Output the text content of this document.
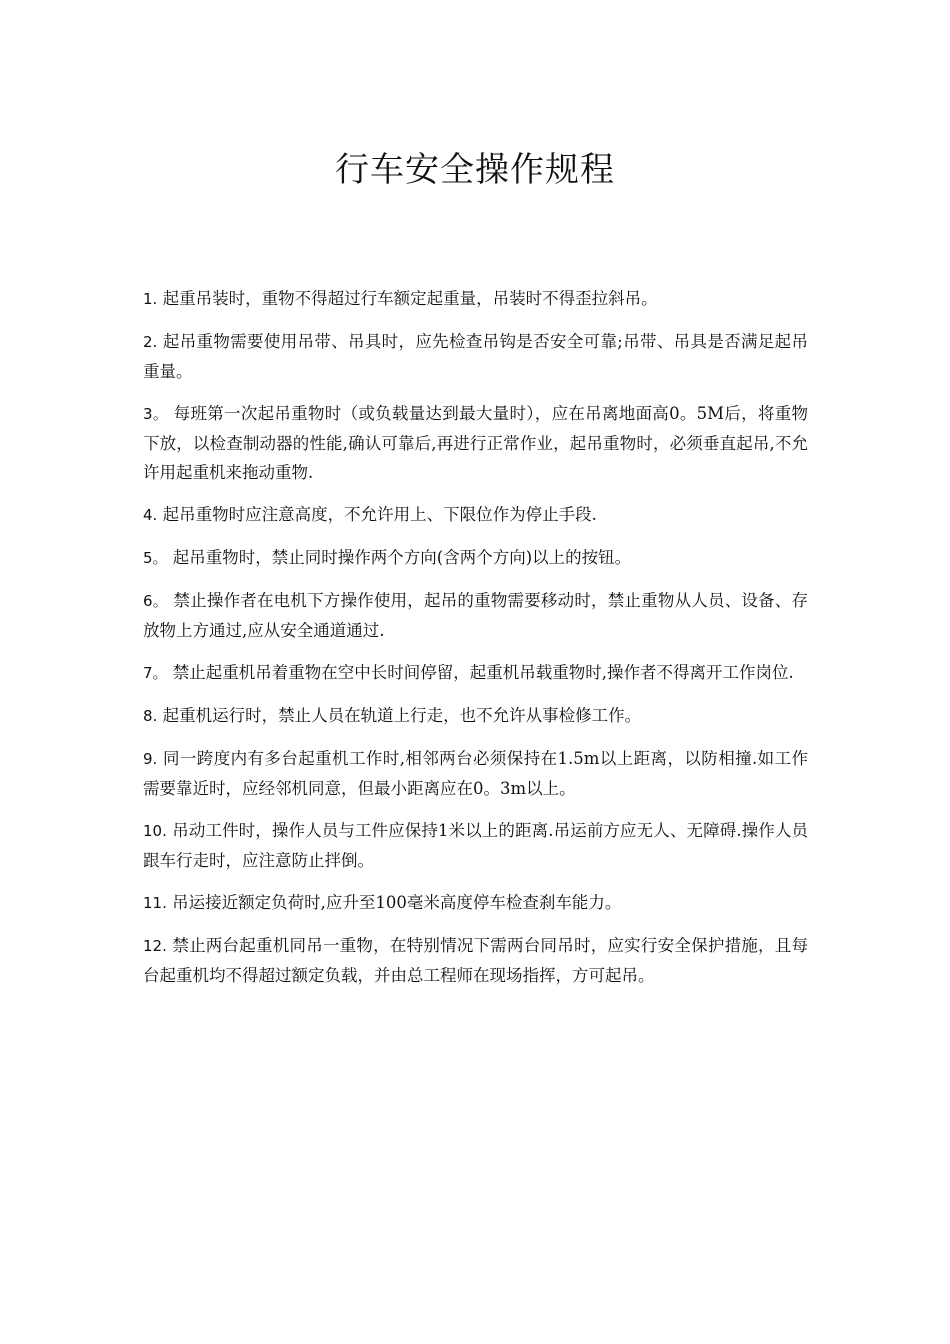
行车安全操作规程

1. 起重吊装时，重物不得超过行车额定起重量，吊装时不得歪拉斜吊。

2. 起吊重物需要使用吊带、吊具时，应先检查吊钩是否安全可靠;吊带、吊具是否满足起吊重量。

3。 每班第一次起吊重物时（或负载量达到最大量时），应在吊离地面高0。5M后，将重物下放，以检查制动器的性能,确认可靠后,再进行正常作业，起吊重物时，必须垂直起吊,不允许用起重机来拖动重物.

4. 起吊重物时应注意高度，不允许用上、下限位作为停止手段.

5。 起吊重物时，禁止同时操作两个方向(含两个方向)以上的按钮。

6。 禁止操作者在电机下方操作使用，起吊的重物需要移动时，禁止重物从人员、设备、存放物上方通过,应从安全通道通过.

7。 禁止起重机吊着重物在空中长时间停留，起重机吊载重物时,操作者不得离开工作岗位.

8. 起重机运行时，禁止人员在轨道上行走，也不允许从事检修工作。

9. 同一跨度内有多台起重机工作时,相邻两台必须保持在1.5m以上距离，以防相撞.如工作需要靠近时，应经邻机同意，但最小距离应在0。3m以上。

10. 吊动工件时，操作人员与工件应保持1米以上的距离.吊运前方应无人、无障碍.操作人员跟车行走时，应注意防止拌倒。

11. 吊运接近额定负荷时,应升至100毫米高度停车检查刹车能力。

12. 禁止两台起重机同吊一重物，在特别情况下需两台同吊时，应实行安全保护措施，且每台起重机均不得超过额定负载，并由总工程师在现场指挥，方可起吊。
